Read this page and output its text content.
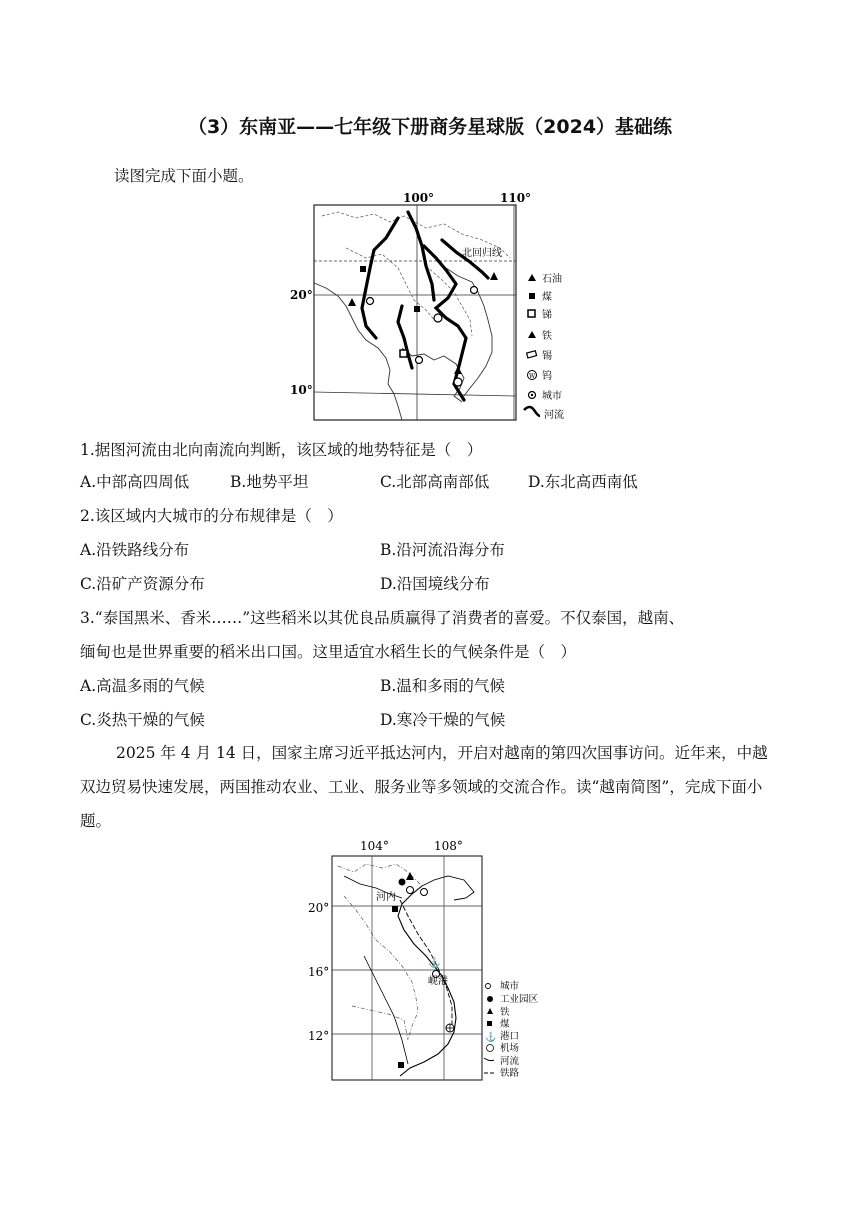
（3）东南亚——七年级下册商务星球版（2024）基础练
读图完成下面小题。
100°	110°
20°
10°
北回归线
石油
煤
锑
铁
锡
W 钨
城市
河流
1.据图河流由北向南流向判断，该区域的地势特征是（　）
A.中部高四周低	B.地势平坦	C.北部高南部低	D.东北高西南低
2.该区域内大城市的分布规律是（　）
A.沿铁路线分布	B.沿河流沿海分布
C.沿矿产资源分布	D.沿国境线分布
3.“泰国黑米、香米……”这些稻米以其优良品质赢得了消费者的喜爱。不仅泰国，越南、
缅甸也是世界重要的稻米出口国。这里适宜水稻生长的气候条件是（　）
A.高温多雨的气候	B.温和多雨的气候
C.炎热干燥的气候	D.寒冷干燥的气候
2025 年 4 月 14 日，国家主席习近平抵达河内，开启对越南的第四次国事访问。近年来，中越双边贸易快速发展，两国推动农业、工业、服务业等多领域的交流合作。读“越南简图”，完成下面小题。
⚓
104°	108°
20°
16°
12°
河内
岘港	城市
工业园区
铁
煤
⚓ 港口
机场
河流
铁路
